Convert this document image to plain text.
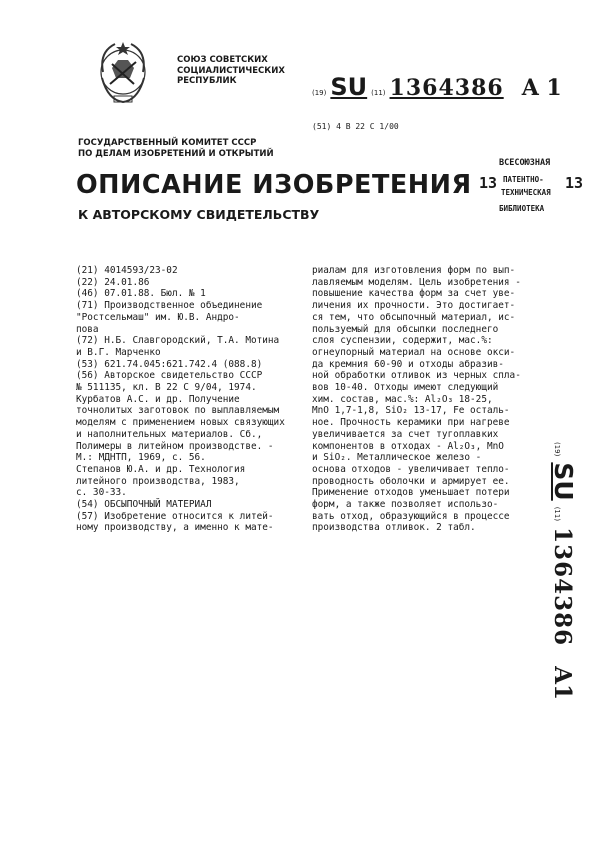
СОЮЗ СОВЕТСКИХ
СОЦИАЛИСТИЧЕСКИХ
РЕСПУБЛИК
(19) SU (11) 1364386 A 1
(51) 4 В 22 С 1/00
ГОСУДАРСТВЕННЫЙ КОМИТЕТ СССР
ПО ДЕЛАМ ИЗОБРЕТЕНИЙ И ОТКРЫТИЙ
13	13
ВСЕСОЮЗНАЯ
ПАТЕНТНО-
ТЕХНИЧЕСКАЯ
БИБЛИОТЕКА
ОПИСАНИЕ ИЗОБРЕТЕНИЯ
К АВТОРСКОМУ СВИДЕТЕЛЬСТВУ
(21) 4014593/23-02
(22) 24.01.86
(46) 07.01.88. Бюл. № 1
(71) Производственное объединение
"Ростсельмаш" им. Ю.В. Андро-
пова
(72) Н.Б. Славгородский, Т.А. Мотина
и В.Г. Марченко
(53) 621.74.045:621.742.4 (088.8)
(56) Авторское свидетельство СССР
№ 511135, кл. В 22 С 9/04, 1974.
Курбатов А.С. и др. Получение
точнолитых заготовок по выплавляемым
моделям с применением новых связующих
и наполнительных материалов. Сб.,
Полимеры в литейном производстве. -
М.: МДНТП, 1969, с. 56.
Степанов Ю.А. и др. Технология
литейного производства, 1983,
с. 30-33.
(54) ОБСЫПОЧНЫЙ МАТЕРИАЛ
(57) Изобретение относится к литей-
ному производству, а именно к мате-
риалам для изготовления форм по вып-
лавляемым моделям. Цель изобретения -
повышение качества форм за счет уве-
личения их прочности. Это достигает-
ся тем, что обсыпочный материал, ис-
пользуемый для обсыпки последнего
слоя суспензии, содержит, мас.%:
огнеупорный материал на основе окси-
да кремния 60-90 и отходы абразив-
ной обработки отливок из черных спла-
вов 10-40. Отходы имеют следующий
хим. состав, мас.%: Al₂O₃ 18-25,
MnO 1,7-1,8, SiO₂ 13-17, Fe осталь-
ное. Прочность керамики при нагреве
увеличивается за счет тугоплавких
компонентов в отходах - Al₂O₃, MnO
и SiO₂. Металлическое железо -
основа отходов - увеличивает тепло-
проводность оболочки и армирует ее.
Применение отходов уменьшает потери
форм, а также позволяет использо-
вать отход, образующийся в процессе
производства отливок. 2 табл.
(19)
SU
(11)
1364386
A1
